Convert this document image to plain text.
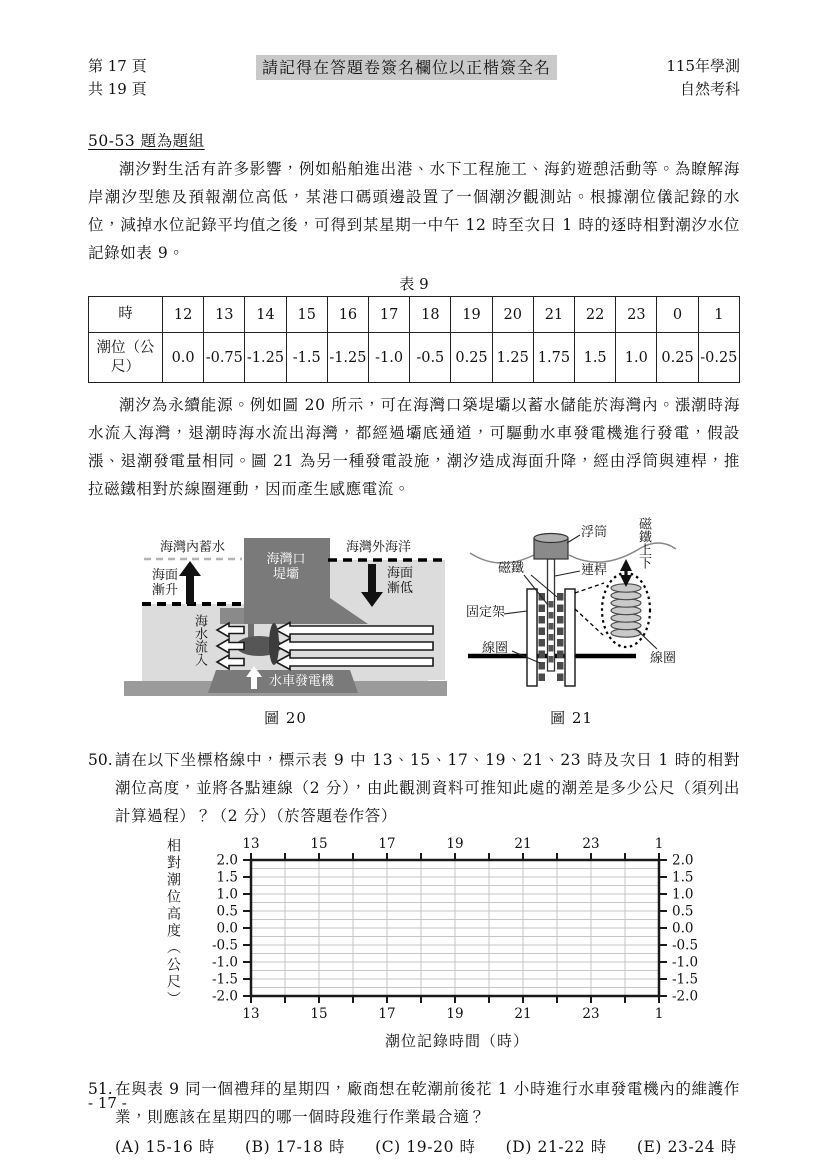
第 17 頁
共 19 頁
請記得在答題卷簽名欄位以正楷簽全名	115年學測
自然考科
50-53 題為題組

潮汐對生活有許多影響，例如船舶進出港、水下工程施工、海釣遊憩活動等。為瞭解海岸潮汐型態及預報潮位高低，某港口碼頭邊設置了一個潮汐觀測站。根據潮位儀記錄的水位，減掉水位記錄平均值之後，可得到某星期一中午 12 時至次日 1 時的逐時相對潮汐水位記錄如表 9。

表 9
時	12	13	14	15	16	17	18	19	20	21	22	23	0	1
潮位（公尺）	0.0	-0.75	-1.25	-1.5	-1.25	-1.0	-0.5	0.25	1.25	1.75	1.5	1.0	0.25	-0.25

潮汐為永續能源。例如圖 20 所示，可在海灣口築堤壩以蓄水儲能於海灣內。漲潮時海水流入海灣，退潮時海水流出海灣，都經過壩底通道，可驅動水車發電機進行發電，假設漲、退潮發電量相同。圖 21 為另一種發電設施，潮汐造成海面升降，經由浮筒與連桿，推拉磁鐵相對於線圈運動，因而產生感應電流。

海灣內蓄水	海灣外海洋
海面漸升
海面漸低
海水流入
海灣口堤壩
水車發電機
圖 20
浮筒
磁鐵	連桿
固定架
線圈
磁鐵上下
線圈
圖 21
50. 請在以下坐標格線中，標示表 9 中 13、15、17、19、21、23 時及次日 1 時的相對潮位高度，並將各點連線（2 分），由此觀測資料可推知此處的潮差是多少公尺（須列出計算過程）？（2 分）（於答題卷作答）
相對潮位高度（公尺）	13
13
15
15
17
17
19
19
21
21
23
23
1
1
2.0	2.0
1.5	1.5
1.0	1.0
0.5	0.5
0.0	0.0
-0.5	-0.5
-1.0	-1.0
-1.5	-1.5
-2.0	-2.0
潮位記錄時間（時）
51. 在與表 9 同一個禮拜的星期四，廠商想在乾潮前後花 1 小時進行水車發電機內的維護作業，則應該在星期四的哪一個時段進行作業最合適？
(A) 15-16 時 (B) 17-18 時 (C) 19-20 時 (D) 21-22 時 (E) 23-24 時
- 17 -
